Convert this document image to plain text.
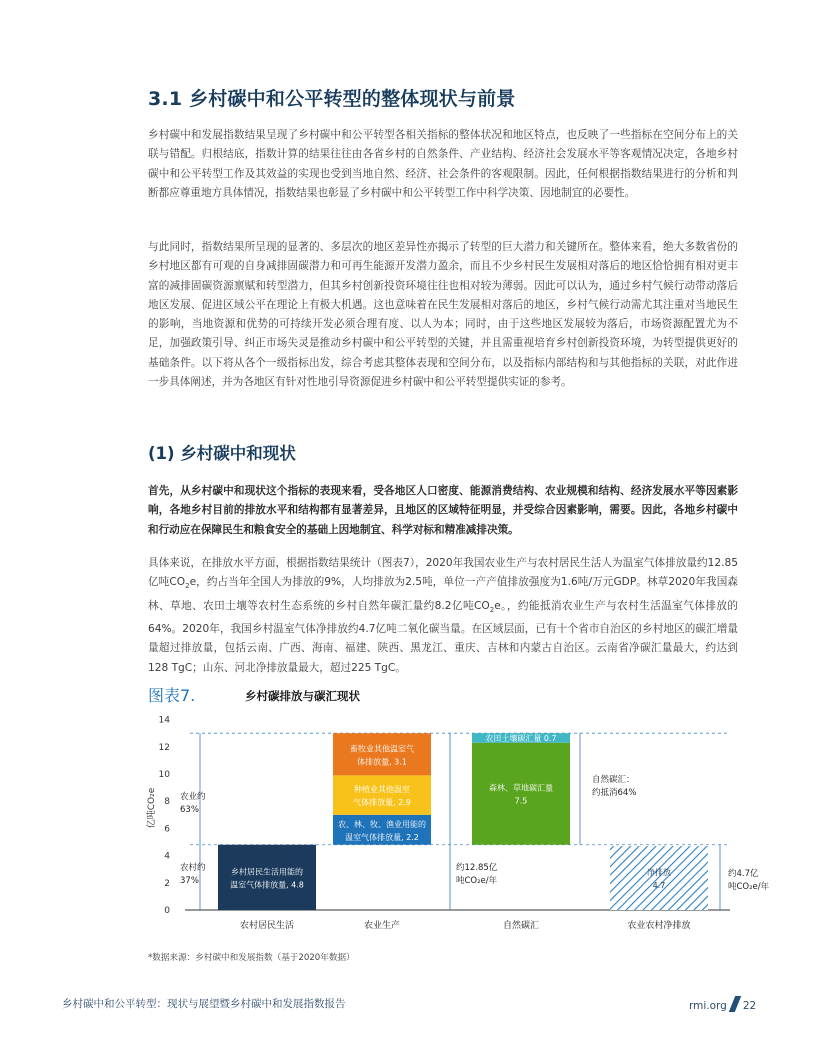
3.1 乡村碳中和公平转型的整体现状与前景
乡村碳中和发展指数结果呈现了乡村碳中和公平转型各相关指标的整体状况和地区特点，也反映了一些指标在空间分布上的关联与错配。归根结底，指数计算的结果往往由各省乡村的自然条件、产业结构、经济社会发展水平等客观情况决定，各地乡村碳中和公平转型工作及其效益的实现也受到当地自然、经济、社会条件的客观限制。因此，任何根据指数结果进行的分析和判断都应尊重地方具体情况，指数结果也彰显了乡村碳中和公平转型工作中科学决策、因地制宜的必要性。
与此同时，指数结果所呈现的显著的、多层次的地区差异性亦揭示了转型的巨大潜力和关键所在。整体来看，绝大多数省份的乡村地区都有可观的自身减排固碳潜力和可再生能源开发潜力盈余，而且不少乡村民生发展相对落后的地区恰恰拥有相对更丰富的减排固碳资源禀赋和转型潜力，但其乡村创新投资环境往往也相对较为薄弱。因此可以认为，通过乡村气候行动带动落后地区发展、促进区域公平在理论上有极大机遇。这也意味着在民生发展相对落后的地区，乡村气候行动需尤其注重对当地民生的影响，当地资源和优势的可持续开发必须合理有度、以人为本；同时，由于这些地区发展较为落后，市场资源配置尤为不足，加强政策引导、纠正市场失灵是推动乡村碳中和公平转型的关键，并且需重视培育乡村创新投资环境，为转型提供更好的基础条件。以下将从各个一级指标出发，综合考虑其整体表现和空间分布，以及指标内部结构和与其他指标的关联，对此作进一步具体阐述，并为各地区有针对性地引导资源促进乡村碳中和公平转型提供实证的参考。
(1) 乡村碳中和现状
首先，从乡村碳中和现状这个指标的表现来看，受各地区人口密度、能源消费结构、农业规模和结构、经济发展水平等因素影响，各地乡村目前的排放水平和结构都有显著差异，且地区的区域特征明显，并受综合因素影响，需要。因此，各地乡村碳中和行动应在保障民生和粮食安全的基础上因地制宜、科学对标和精准减排决策。
具体来说，在排放水平方面，根据指数结果统计（图表7），2020年我国农业生产与农村居民生活人为温室气体排放量约12.85亿吨$CO_2e$，约占当年全国人为排放的9%，人均排放为2.5吨，单位一产产值排放强度为1.6吨/万元GDP。林草2020年我国森林、草地、农田土壤等农村生态系统的乡村自然年碳汇量约8.2亿吨$CO_2e$。，约能抵消农业生产与农村生活温室气体排放的64%。2020年，我国乡村温室气体净排放约4.7亿吨二氧化碳当量。在区域层面，已有十个省市自治区的乡村地区的碳汇增量量超过排放量，包括云南、广西、海南、福建、陕西、黑龙江、重庆、吉林和内蒙古自治区。云南省净碳汇量最大，约达到128 TgC；山东、河北净排放量最大，超过225 TgC。
图表7.	乡村碳排放与碳汇现状
0
2
4
6
8
10
12
14
亿吨CO₂e
农村居民生活	农业生产	自然碳汇	农业农村净排放
乡村居民生活用能的
温室气体排放量, 4.8
农、林、牧、渔业用能的
温室气体排放量, 2.2
种植业其他温室
气体排放量, 2.9
畜牧业其他温室气
体排放量, 3.1
森林、草地碳汇量
7.5
农田土壤碳汇量 0.7
净排放
4.7
农业约
63%
农村约
37%
约12.85亿
吨CO₂e/年
自然碳汇：
约抵消64%
约4.7亿
吨CO₂e/年
*数据来源：乡村碳中和发展指数（基于2020年数据）
乡村碳中和公平转型：现状与展望暨乡村碳中和发展指数报告	rmi.org 22
